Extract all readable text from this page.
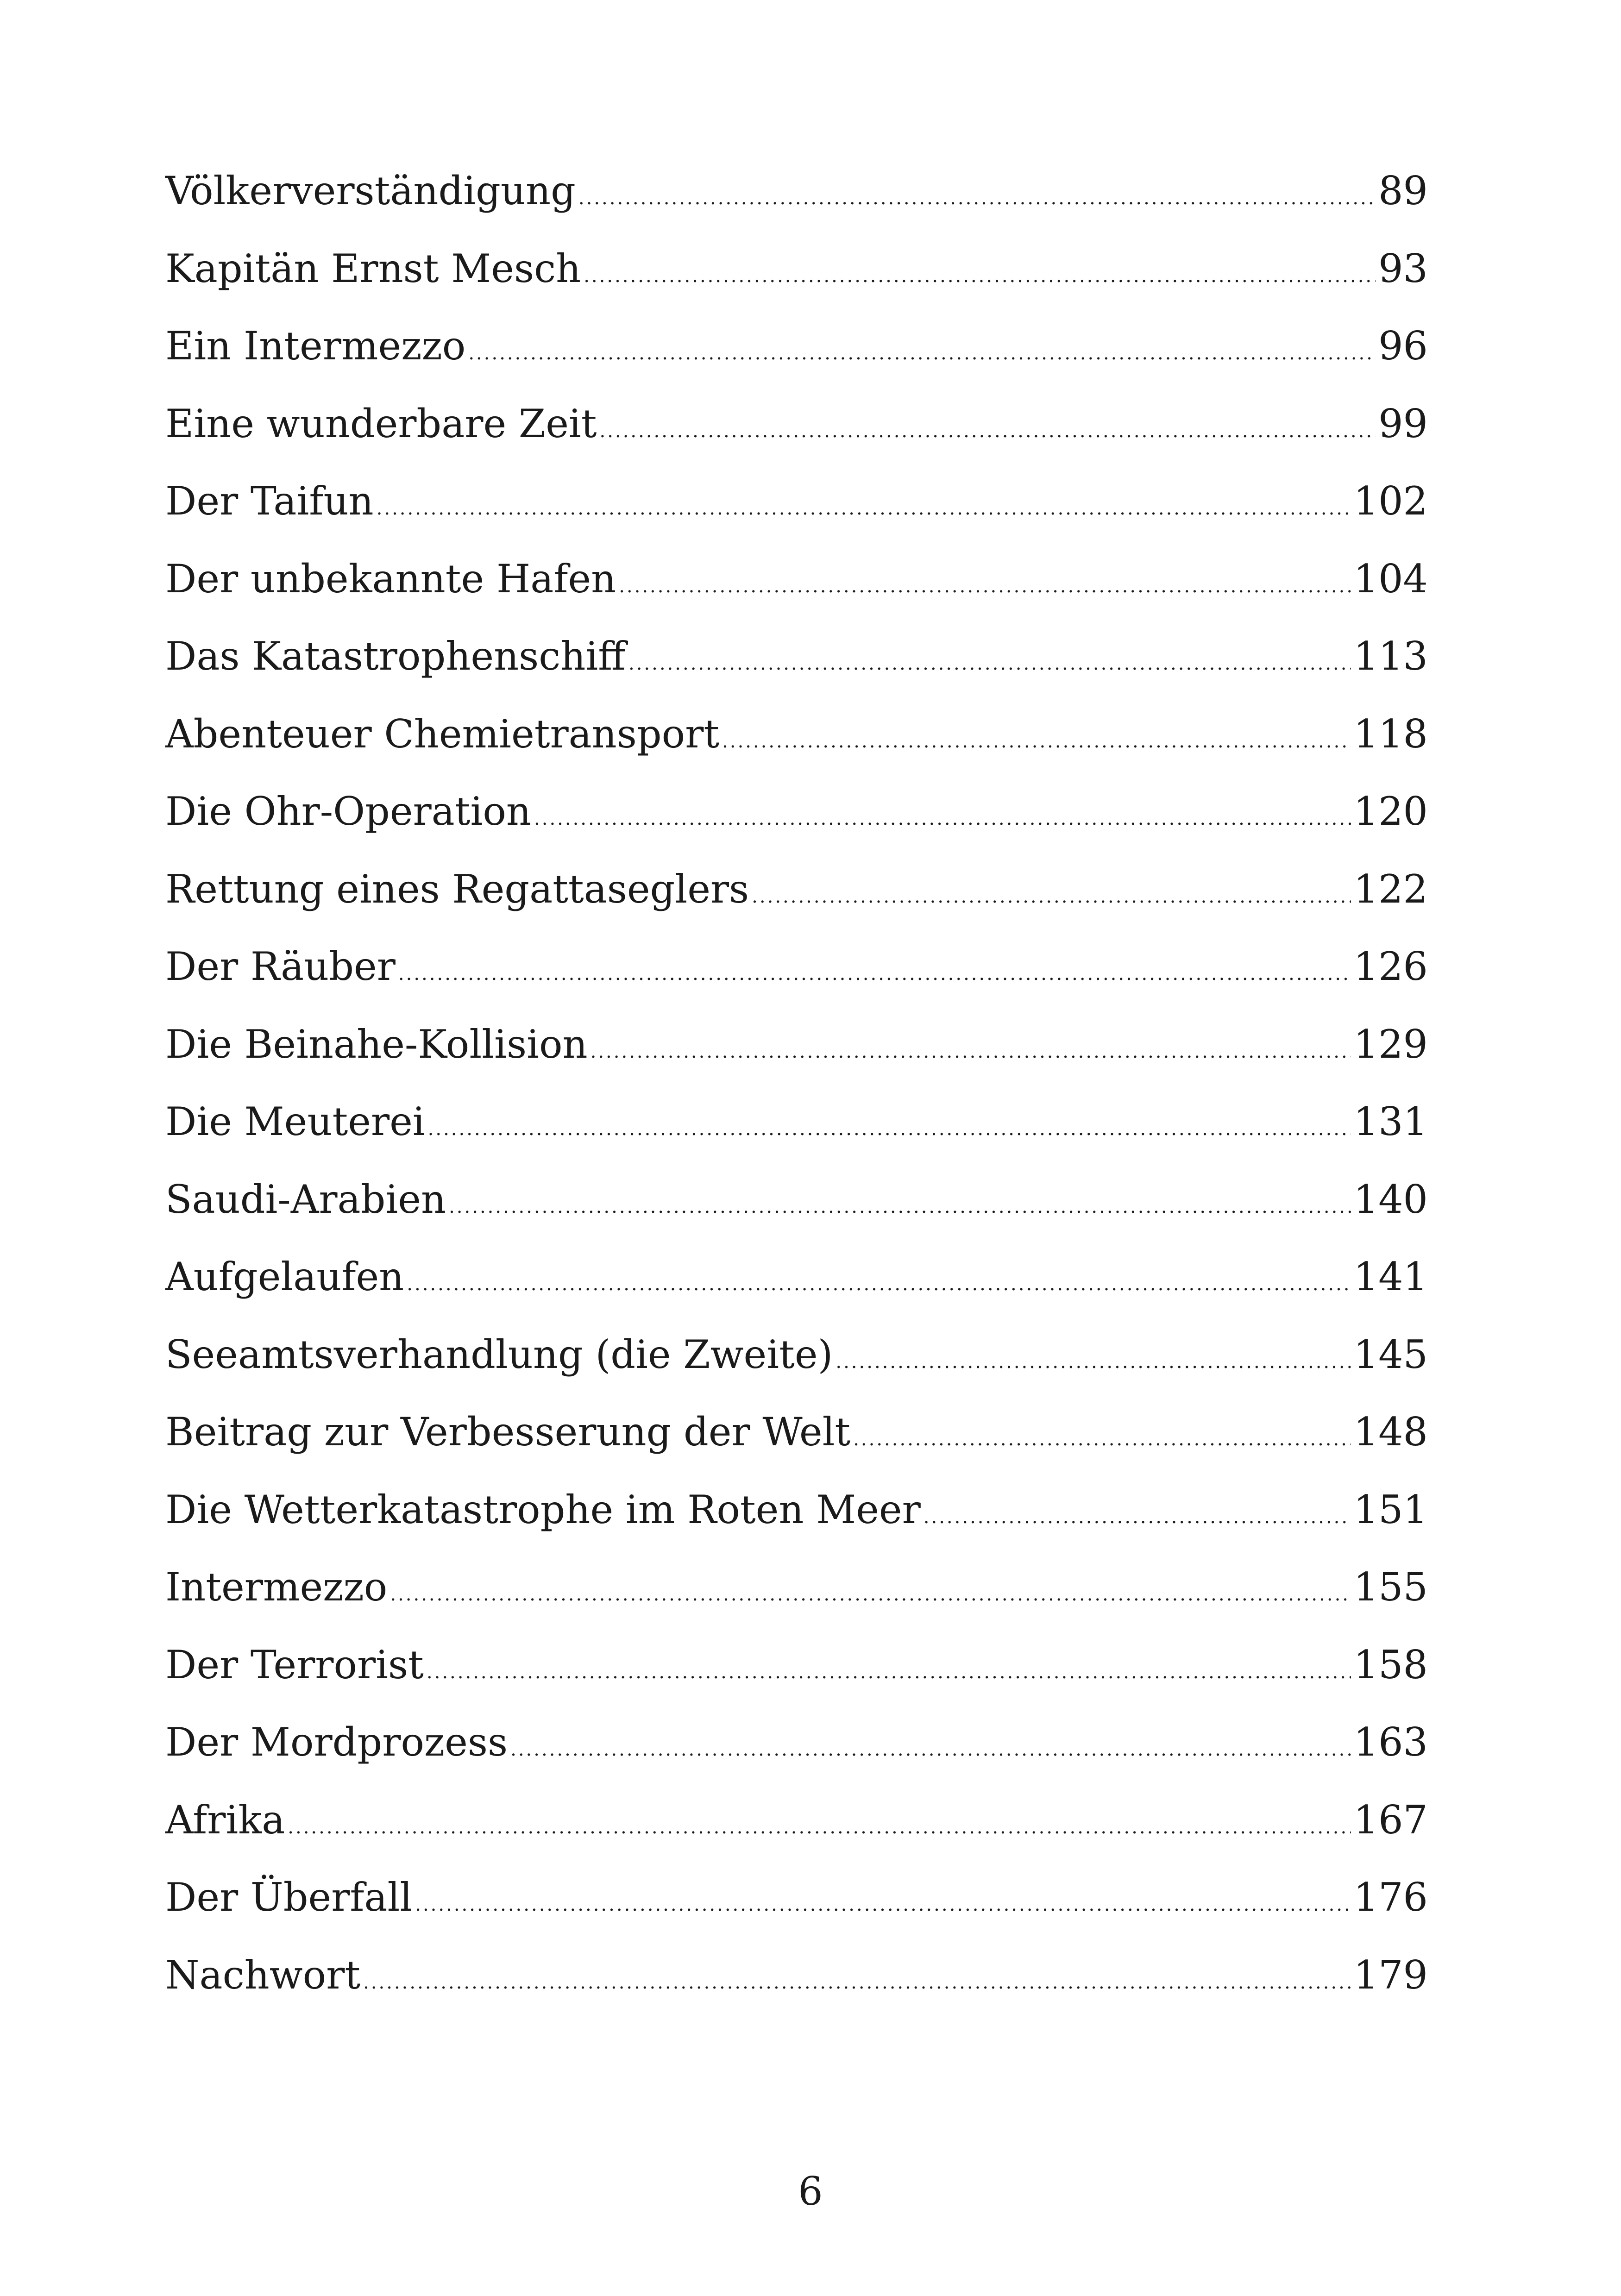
Völkerverständigung .....	89
Kapitän Ernst Mesch .....	93
Ein Intermezzo .....	96
Eine wunderbare Zeit .....	99
Der Taifun .....	102
Der unbekannte Hafen .....	104
Das Katastrophenschiff .....	113
Abenteuer Chemietransport .....	118
Die Ohr-Operation .....	120
Rettung eines Regattaseglers .....	122
Der Räuber .....	126
Die Beinahe-Kollision .....	129
Die Meuterei .....	131
Saudi-Arabien .....	140
Aufgelaufen .....	141
Seeamtsverhandlung (die Zweite) .....	145
Beitrag zur Verbesserung der Welt .....	148
Die Wetterkatastrophe im Roten Meer .....	151
Intermezzo .....	155
Der Terrorist .....	158
Der Mordprozess .....	163
Afrika .....	167
Der Überfall .....	176
Nachwort .....	179
6
